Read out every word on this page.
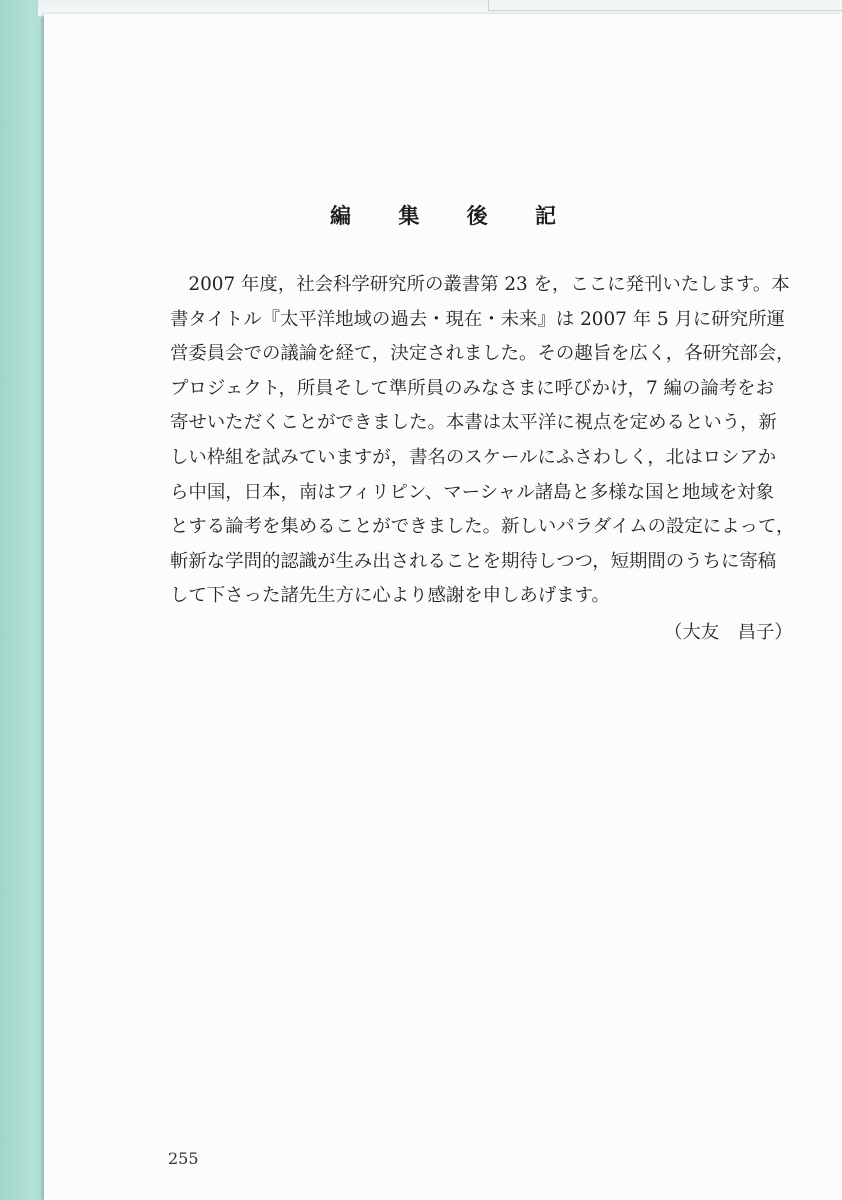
編 集 後 記
　2007 年度，社会科学研究所の叢書第 23 を，ここに発刊いたします。本
書タイトル『太平洋地域の過去・現在・未来』は 2007 年 5 月に研究所運
営委員会での議論を経て，決定されました。その趣旨を広く，各研究部会，
プロジェクト，所員そして準所員のみなさまに呼びかけ，7 編の論考をお
寄せいただくことができました。本書は太平洋に視点を定めるという，新
しい枠組を試みていますが，書名のスケールにふさわしく，北はロシアか
ら中国，日本，南はフィリピン、マーシャル諸島と多様な国と地域を対象
とする論考を集めることができました。新しいパラダイムの設定によって，
斬新な学問的認識が生み出されることを期待しつつ，短期間のうちに寄稿
して下さった諸先生方に心より感謝を申しあげます。
（大友　昌子）
255
